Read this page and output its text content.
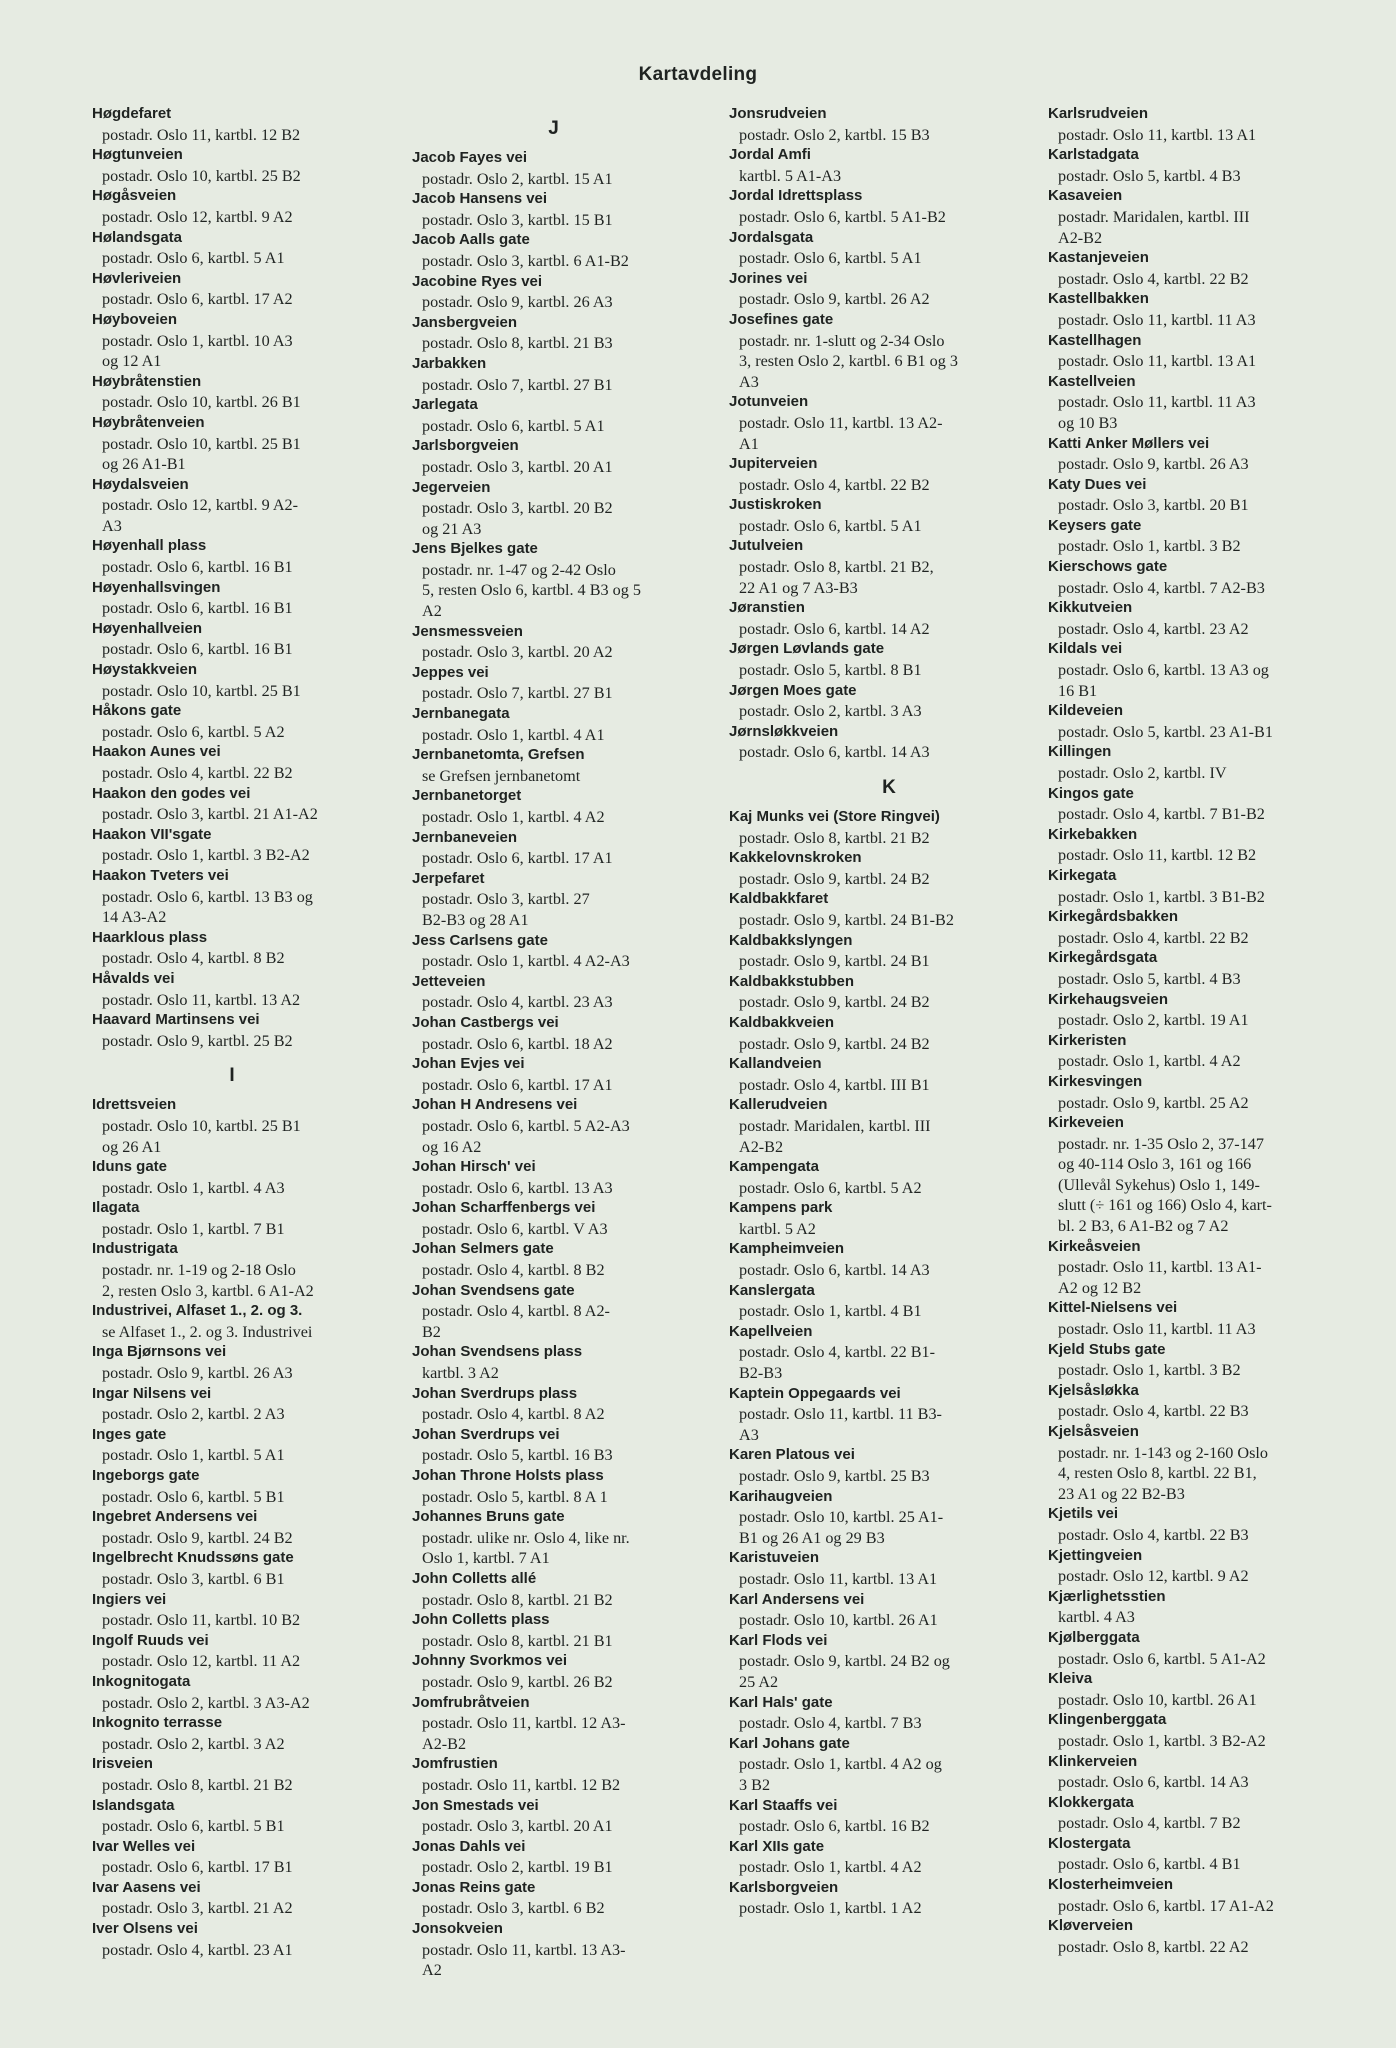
Kartavdeling
Høgdefaret
postadr. Oslo 11, kartbl. 12 B2
Høgtunveien
postadr. Oslo 10, kartbl. 25 B2
Høgåsveien
postadr. Oslo 12, kartbl. 9 A2
Hølandsgata
postadr. Oslo 6, kartbl. 5 A1
Høvleriveien
postadr. Oslo 6, kartbl. 17 A2
Høyboveien
postadr. Oslo 1, kartbl. 10 A3
og 12 A1
Høybråtenstien
postadr. Oslo 10, kartbl. 26 B1
Høybråtenveien
postadr. Oslo 10, kartbl. 25 B1
og 26 A1-B1
Høydalsveien
postadr. Oslo 12, kartbl. 9 A2-
A3
Høyenhall plass
postadr. Oslo 6, kartbl. 16 B1
Høyenhallsvingen
postadr. Oslo 6, kartbl. 16 B1
Høyenhallveien
postadr. Oslo 6, kartbl. 16 B1
Høystakkveien
postadr. Oslo 10, kartbl. 25 B1
Håkons gate
postadr. Oslo 6, kartbl. 5 A2
Haakon Aunes vei
postadr. Oslo 4, kartbl. 22 B2
Haakon den godes vei
postadr. Oslo 3, kartbl. 21 A1-A2
Haakon VII'sgate
postadr. Oslo 1, kartbl. 3 B2-A2
Haakon Tveters vei
postadr. Oslo 6, kartbl. 13 B3 og
14 A3-A2
Haarklous plass
postadr. Oslo 4, kartbl. 8 B2
Håvalds vei
postadr. Oslo 11, kartbl. 13 A2
Haavard Martinsens vei
postadr. Oslo 9, kartbl. 25 B2
I
Idrettsveien
postadr. Oslo 10, kartbl. 25 B1
og 26 A1
Iduns gate
postadr. Oslo 1, kartbl. 4 A3
Ilagata
postadr. Oslo 1, kartbl. 7 B1
Industrigata
postadr. nr. 1-19 og 2-18 Oslo
2, resten Oslo 3, kartbl. 6 A1-A2
Industrivei, Alfaset 1., 2. og 3.
se Alfaset 1., 2. og 3. Industrivei
Inga Bjørnsons vei
postadr. Oslo 9, kartbl. 26 A3
Ingar Nilsens vei
postadr. Oslo 2, kartbl. 2 A3
Inges gate
postadr. Oslo 1, kartbl. 5 A1
Ingeborgs gate
postadr. Oslo 6, kartbl. 5 B1
Ingebret Andersens vei
postadr. Oslo 9, kartbl. 24 B2
Ingelbrecht Knudssøns gate
postadr. Oslo 3, kartbl. 6 B1
Ingiers vei
postadr. Oslo 11, kartbl. 10 B2
Ingolf Ruuds vei
postadr. Oslo 12, kartbl. 11 A2
Inkognitogata
postadr. Oslo 2, kartbl. 3 A3-A2
Inkognito terrasse
postadr. Oslo 2, kartbl. 3 A2
Irisveien
postadr. Oslo 8, kartbl. 21 B2
Islandsgata
postadr. Oslo 6, kartbl. 5 B1
Ivar Welles vei
postadr. Oslo 6, kartbl. 17 B1
Ivar Aasens vei
postadr. Oslo 3, kartbl. 21 A2
Iver Olsens vei
postadr. Oslo 4, kartbl. 23 A1
J
Jacob Fayes vei
postadr. Oslo 2, kartbl. 15 A1
Jacob Hansens vei
postadr. Oslo 3, kartbl. 15 B1
Jacob Aalls gate
postadr. Oslo 3, kartbl. 6 A1-B2
Jacobine Ryes vei
postadr. Oslo 9, kartbl. 26 A3
Jansbergveien
postadr. Oslo 8, kartbl. 21 B3
Jarbakken
postadr. Oslo 7, kartbl. 27 B1
Jarlegata
postadr. Oslo 6, kartbl. 5 A1
Jarlsborgveien
postadr. Oslo 3, kartbl. 20 A1
Jegerveien
postadr. Oslo 3, kartbl. 20 B2
og 21 A3
Jens Bjelkes gate
postadr. nr. 1-47 og 2-42 Oslo
5, resten Oslo 6, kartbl. 4 B3 og 5
A2
Jensmessveien
postadr. Oslo 3, kartbl. 20 A2
Jeppes vei
postadr. Oslo 7, kartbl. 27 B1
Jernbanegata
postadr. Oslo 1, kartbl. 4 A1
Jernbanetomta, Grefsen
se Grefsen jernbanetomt
Jernbanetorget
postadr. Oslo 1, kartbl. 4 A2
Jernbaneveien
postadr. Oslo 6, kartbl. 17 A1
Jerpefaret
postadr. Oslo 3, kartbl. 27
B2-B3 og 28 A1
Jess Carlsens gate
postadr. Oslo 1, kartbl. 4 A2-A3
Jetteveien
postadr. Oslo 4, kartbl. 23 A3
Johan Castbergs vei
postadr. Oslo 6, kartbl. 18 A2
Johan Evjes vei
postadr. Oslo 6, kartbl. 17 A1
Johan H Andresens vei
postadr. Oslo 6, kartbl. 5 A2-A3
og 16 A2
Johan Hirsch' vei
postadr. Oslo 6, kartbl. 13 A3
Johan Scharffenbergs vei
postadr. Oslo 6, kartbl. V A3
Johan Selmers gate
postadr. Oslo 4, kartbl. 8 B2
Johan Svendsens gate
postadr. Oslo 4, kartbl. 8 A2-
B2
Johan Svendsens plass
kartbl. 3 A2
Johan Sverdrups plass
postadr. Oslo 4, kartbl. 8 A2
Johan Sverdrups vei
postadr. Oslo 5, kartbl. 16 B3
Johan Throne Holsts plass
postadr. Oslo 5, kartbl. 8 A 1
Johannes Bruns gate
postadr. ulike nr. Oslo 4, like nr.
Oslo 1, kartbl. 7 A1
John Colletts allé
postadr. Oslo 8, kartbl. 21 B2
John Colletts plass
postadr. Oslo 8, kartbl. 21 B1
Johnny Svorkmos vei
postadr. Oslo 9, kartbl. 26 B2
Jomfrubråtveien
postadr. Oslo 11, kartbl. 12 A3-
A2-B2
Jomfrustien
postadr. Oslo 11, kartbl. 12 B2
Jon Smestads vei
postadr. Oslo 3, kartbl. 20 A1
Jonas Dahls vei
postadr. Oslo 2, kartbl. 19 B1
Jonas Reins gate
postadr. Oslo 3, kartbl. 6 B2
Jonsokveien
postadr. Oslo 11, kartbl. 13 A3-
A2
Jonsrudveien
postadr. Oslo 2, kartbl. 15 B3
Jordal Amfi
kartbl. 5 A1-A3
Jordal Idrettsplass
postadr. Oslo 6, kartbl. 5 A1-B2
Jordalsgata
postadr. Oslo 6, kartbl. 5 A1
Jorines vei
postadr. Oslo 9, kartbl. 26 A2
Josefines gate
postadr. nr. 1-slutt og 2-34 Oslo
3, resten Oslo 2, kartbl. 6 B1 og 3
A3
Jotunveien
postadr. Oslo 11, kartbl. 13 A2-
A1
Jupiterveien
postadr. Oslo 4, kartbl. 22 B2
Justiskroken
postadr. Oslo 6, kartbl. 5 A1
Jutulveien
postadr. Oslo 8, kartbl. 21 B2,
22 A1 og 7 A3-B3
Jøranstien
postadr. Oslo 6, kartbl. 14 A2
Jørgen Løvlands gate
postadr. Oslo 5, kartbl. 8 B1
Jørgen Moes gate
postadr. Oslo 2, kartbl. 3 A3
Jørnsløkkveien
postadr. Oslo 6, kartbl. 14 A3
K
Kaj Munks vei (Store Ringvei)
postadr. Oslo 8, kartbl. 21 B2
Kakkelovnskroken
postadr. Oslo 9, kartbl. 24 B2
Kaldbakkfaret
postadr. Oslo 9, kartbl. 24 B1-B2
Kaldbakkslyngen
postadr. Oslo 9, kartbl. 24 B1
Kaldbakkstubben
postadr. Oslo 9, kartbl. 24 B2
Kaldbakkveien
postadr. Oslo 9, kartbl. 24 B2
Kallandveien
postadr. Oslo 4, kartbl. III B1
Kallerudveien
postadr. Maridalen, kartbl. III
A2-B2
Kampengata
postadr. Oslo 6, kartbl. 5 A2
Kampens park
kartbl. 5 A2
Kampheimveien
postadr. Oslo 6, kartbl. 14 A3
Kanslergata
postadr. Oslo 1, kartbl. 4 B1
Kapellveien
postadr. Oslo 4, kartbl. 22 B1-
B2-B3
Kaptein Oppegaards vei
postadr. Oslo 11, kartbl. 11 B3-
A3
Karen Platous vei
postadr. Oslo 9, kartbl. 25 B3
Karihaugveien
postadr. Oslo 10, kartbl. 25 A1-
B1 og 26 A1 og 29 B3
Karistuveien
postadr. Oslo 11, kartbl. 13 A1
Karl Andersens vei
postadr. Oslo 10, kartbl. 26 A1
Karl Flods vei
postadr. Oslo 9, kartbl. 24 B2 og
25 A2
Karl Hals' gate
postadr. Oslo 4, kartbl. 7 B3
Karl Johans gate
postadr. Oslo 1, kartbl. 4 A2 og
3 B2
Karl Staaffs vei
postadr. Oslo 6, kartbl. 16 B2
Karl XIIs gate
postadr. Oslo 1, kartbl. 4 A2
Karlsborgveien
postadr. Oslo 1, kartbl. 1 A2
Karlsrudveien
postadr. Oslo 11, kartbl. 13 A1
Karlstadgata
postadr. Oslo 5, kartbl. 4 B3
Kasaveien
postadr. Maridalen, kartbl. III
A2-B2
Kastanjeveien
postadr. Oslo 4, kartbl. 22 B2
Kastellbakken
postadr. Oslo 11, kartbl. 11 A3
Kastellhagen
postadr. Oslo 11, kartbl. 13 A1
Kastellveien
postadr. Oslo 11, kartbl. 11 A3
og 10 B3
Katti Anker Møllers vei
postadr. Oslo 9, kartbl. 26 A3
Katy Dues vei
postadr. Oslo 3, kartbl. 20 B1
Keysers gate
postadr. Oslo 1, kartbl. 3 B2
Kierschows gate
postadr. Oslo 4, kartbl. 7 A2-B3
Kikkutveien
postadr. Oslo 4, kartbl. 23 A2
Kildals vei
postadr. Oslo 6, kartbl. 13 A3 og
16 B1
Kildeveien
postadr. Oslo 5, kartbl. 23 A1-B1
Killingen
postadr. Oslo 2, kartbl. IV
Kingos gate
postadr. Oslo 4, kartbl. 7 B1-B2
Kirkebakken
postadr. Oslo 11, kartbl. 12 B2
Kirkegata
postadr. Oslo 1, kartbl. 3 B1-B2
Kirkegårdsbakken
postadr. Oslo 4, kartbl. 22 B2
Kirkegårdsgata
postadr. Oslo 5, kartbl. 4 B3
Kirkehaugsveien
postadr. Oslo 2, kartbl. 19 A1
Kirkeristen
postadr. Oslo 1, kartbl. 4 A2
Kirkesvingen
postadr. Oslo 9, kartbl. 25 A2
Kirkeveien
postadr. nr. 1-35 Oslo 2, 37-147
og 40-114 Oslo 3, 161 og 166
(Ullevål Sykehus) Oslo 1, 149-
slutt (÷ 161 og 166) Oslo 4, kart-
bl. 2 B3, 6 A1-B2 og 7 A2
Kirkeåsveien
postadr. Oslo 11, kartbl. 13 A1-
A2 og 12 B2
Kittel-Nielsens vei
postadr. Oslo 11, kartbl. 11 A3
Kjeld Stubs gate
postadr. Oslo 1, kartbl. 3 B2
Kjelsåsløkka
postadr. Oslo 4, kartbl. 22 B3
Kjelsåsveien
postadr. nr. 1-143 og 2-160 Oslo
4, resten Oslo 8, kartbl. 22 B1,
23 A1 og 22 B2-B3
Kjetils vei
postadr. Oslo 4, kartbl. 22 B3
Kjettingveien
postadr. Oslo 12, kartbl. 9 A2
Kjærlighetsstien
kartbl. 4 A3
Kjølberggata
postadr. Oslo 6, kartbl. 5 A1-A2
Kleiva
postadr. Oslo 10, kartbl. 26 A1
Klingenberggata
postadr. Oslo 1, kartbl. 3 B2-A2
Klinkerveien
postadr. Oslo 6, kartbl. 14 A3
Klokkergata
postadr. Oslo 4, kartbl. 7 B2
Klostergata
postadr. Oslo 6, kartbl. 4 B1
Klosterheimveien
postadr. Oslo 6, kartbl. 17 A1-A2
Kløverveien
postadr. Oslo 8, kartbl. 22 A2
